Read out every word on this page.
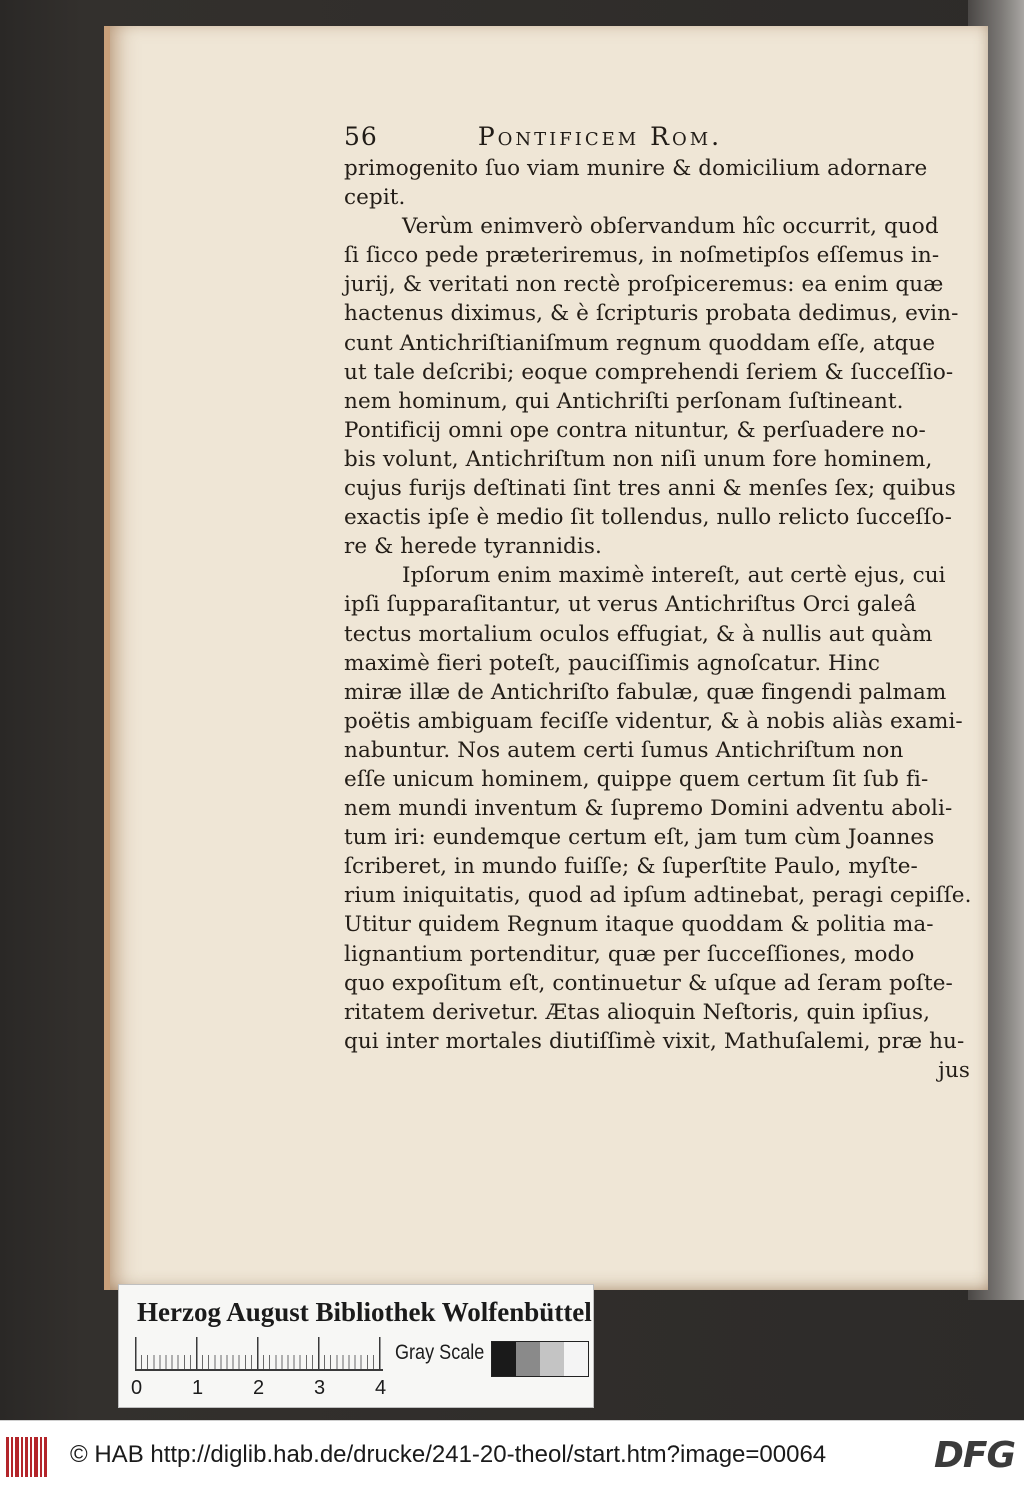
56	Pontificem Rom.
primogenito ſuo viam munire & domicilium adornare
cepit.
Verùm enimverò obſervandum hîc occurrit, quod
ſi ſicco pede præteriremus, in noſmetipſos eſſemus in-
jurij, & veritati non rectè proſpiceremus: ea enim quæ
hactenus diximus, & è ſcripturis probata dedimus, evin-
cunt Antichriſtianiſmum regnum quoddam eſſe, atque
ut tale deſcribi; eoque comprehendi ſeriem & ſucceſſio-
nem hominum, qui Antichriſti perſonam ſuſtineant.
Pontificij omni ope contra nituntur, & perſuadere no-
bis volunt, Antichriſtum non niſi unum fore hominem,
cujus furijs deſtinati ſint tres anni & menſes ſex; quibus
exactis ipſe è medio ſit tollendus, nullo relicto ſucceſſo-
re & herede tyrannidis.
Ipſorum enim maximè intereſt, aut certè ejus, cui
ipſi ſupparaſitantur, ut verus Antichriſtus Orci galeâ
tectus mortalium oculos effugiat, & à nullis aut quàm
maximè fieri poteſt, pauciſſimis agnoſcatur. Hinc
miræ illæ de Antichriſto fabulæ, quæ fingendi palmam
poëtis ambiguam feciſſe videntur, & à nobis aliàs exami-
nabuntur. Nos autem certi ſumus Antichriſtum non
eſſe unicum hominem, quippe quem certum ſit ſub fi-
nem mundi inventum & ſupremo Domini adventu aboli-
tum iri: eundemque certum eſt, jam tum cùm Joannes
ſcriberet, in mundo fuiſſe; & ſuperſtite Paulo, myſte-
rium iniquitatis, quod ad ipſum adtinebat, peragi cepiſſe.
Utitur quidem Regnum itaque quoddam & politia ma-
lignantium portenditur, quæ per ſucceſſiones, modo
quo expoſitum eſt, continuetur & uſque ad ſeram poſte-
ritatem derivetur. Ætas alioquin Neſtoris, quin ipſius,
qui inter mortales diutiſſimè vixit, Mathuſalemi, præ hu-
jus
Herzog August Bibliothek Wolfenbüttel
0 1 2 3 4
Gray Scale
© HAB http://diglib.hab.de/drucke/241-20-theol/start.htm?image=00064	DFG
